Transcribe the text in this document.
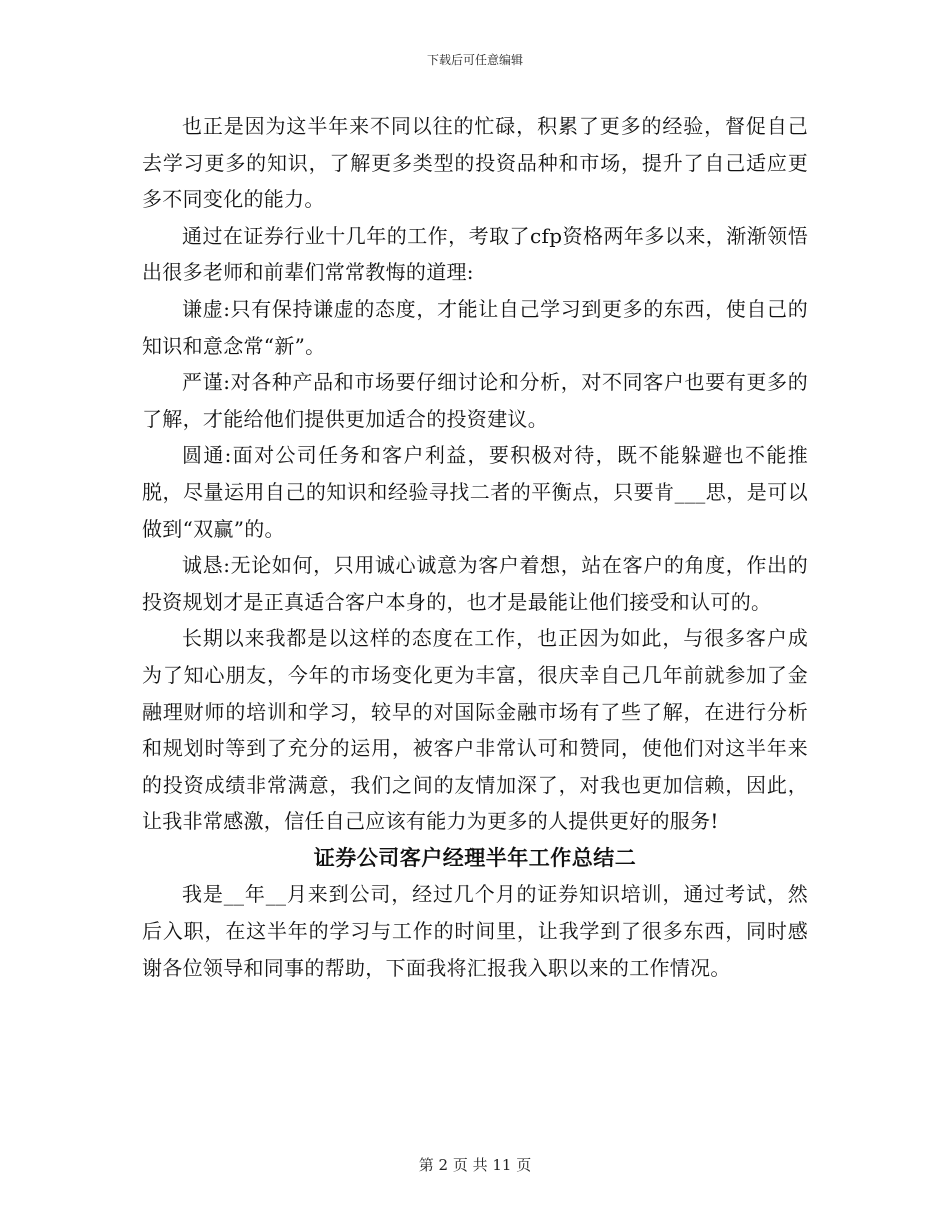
下载后可任意编辑

也正是因为这半年来不同以往的忙碌，积累了更多的经验，督促自己去学习更多的知识，了解更多类型的投资品种和市场，提升了自己适应更多不同变化的能力。

通过在证券行业十几年的工作，考取了cfp资格两年多以来，渐渐领悟出很多老师和前辈们常常教悔的道理:

谦虚:只有保持谦虚的态度，才能让自己学习到更多的东西，使自己的知识和意念常“新”。

严谨:对各种产品和市场要仔细讨论和分析，对不同客户也要有更多的了解，才能给他们提供更加适合的投资建议。

圆通:面对公司任务和客户利益，要积极对待，既不能躲避也不能推脱，尽量运用自己的知识和经验寻找二者的平衡点，只要肯___思，是可以做到“双赢”的。

诚恳:无论如何，只用诚心诚意为客户着想，站在客户的角度，作出的投资规划才是正真适合客户本身的，也才是最能让他们接受和认可的。

长期以来我都是以这样的态度在工作，也正因为如此，与很多客户成为了知心朋友，今年的市场变化更为丰富，很庆幸自己几年前就参加了金融理财师的培训和学习，较早的对国际金融市场有了些了解，在进行分析和规划时等到了充分的运用，被客户非常认可和赞同，使他们对这半年来的投资成绩非常满意，我们之间的友情加深了，对我也更加信赖，因此，让我非常感激，信任自己应该有能力为更多的人提供更好的服务!

证券公司客户经理半年工作总结二

我是__年__月来到公司，经过几个月的证券知识培训，通过考试，然后入职，在这半年的学习与工作的时间里，让我学到了很多东西，同时感谢各位领导和同事的帮助，下面我将汇报我入职以来的工作情况。

第 2 页 共 11 页
